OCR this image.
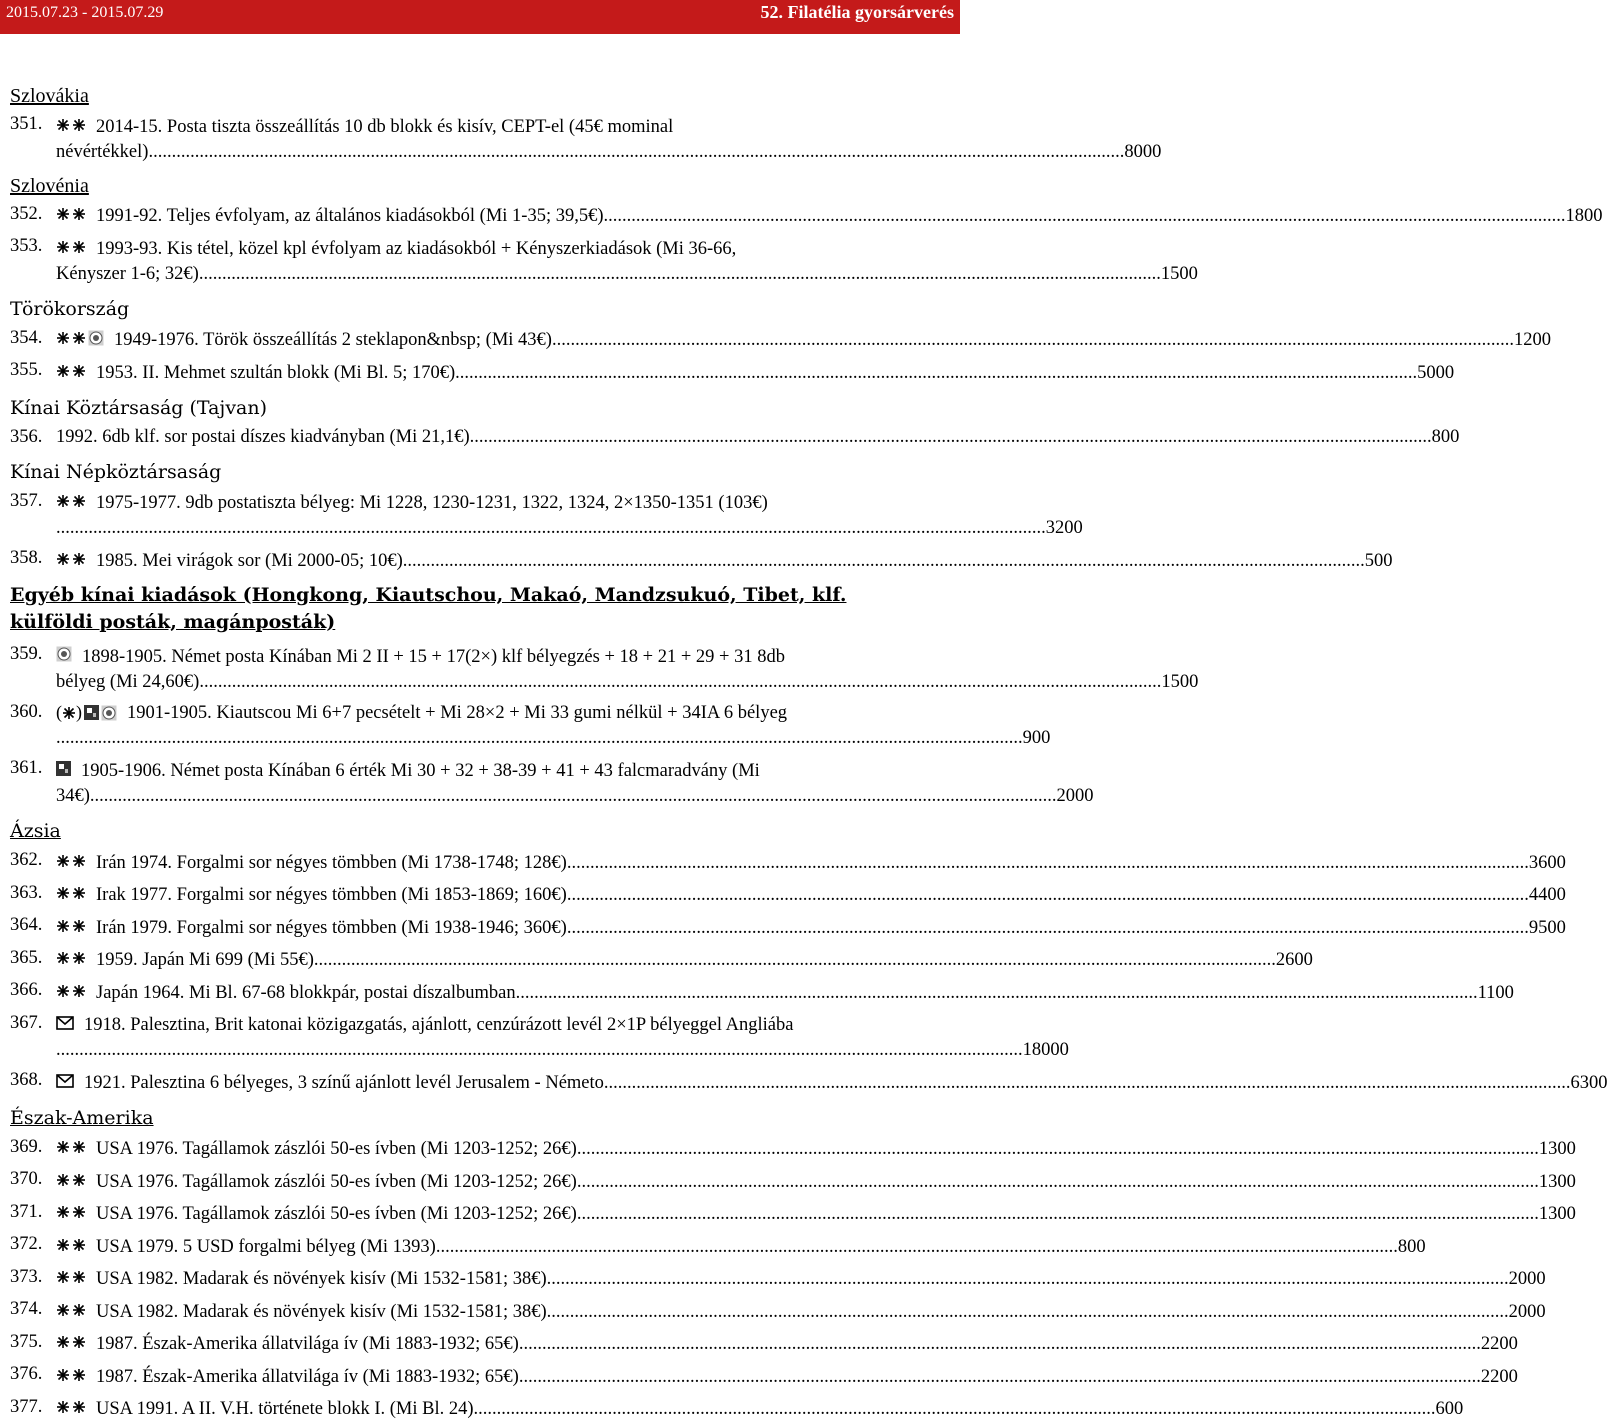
2015.07.23 - 2015.07.29	52. Filatélia gyorsárverés
Szlovákia
351.	2014-15. Posta tiszta összeállítás 10 db blokk és kisív, CEPT-el (45€ mominal
névértékkel)... .....	8000
Szlovénia
352.	1991-92. Teljes évfolyam, az általános kiadásokból (Mi 1-35; 39,5€) .....	1800
353.	1993-93. Kis tétel, közel kpl évfolyam az kiadásokból + Kényszerkiadások (Mi 36-66,
Kényszer 1-6; 32€) .....	1500
Törökország
354.	1949-1976. Török összeállítás 2 steklapon&nbsp; (Mi 43€) .....	1200
355.	1953. II. Mehmet szultán blokk (Mi Bl. 5; 170€) .....	5000
Kínai Köztársaság (Tajvan)
356. 1992. 6db klf. sor postai díszes kiadványban (Mi 21,1€) .....	800
Kínai Népköztársaság
357.	1975-1977. 9db postatiszta bélyeg: Mi 1228, 1230-1231, 1322, 1324, 2×1350-1351 (103€)
...... .....	3200
358.	1985. Mei virágok sor (Mi 2000-05; 10€) .....	500
Egyéb kínai kiadások (Hongkong, Kiautschou, Makaó, Mandzsukuó, Tibet, klf. külföldi posták, magánposták)
359.	1898-1905. Német posta Kínában Mi 2 II + 15 + 17(2×) klf bélyegzés + 18 + 21 + 29 + 31 8db
bélyeg (Mi 24,60€) .....	1500
360. ( ) 1901-1905. Kiautscou Mi 6+7 pecsételt + Mi 28×2 + Mi 33 gumi nélkül + 34IA 6 bélyeg
. .....	900
361.	1905-1906. Német posta Kínában 6 érték Mi 30 + 32 + 38-39 + 41 + 43 falcmaradvány (Mi
34€). .....	2000
Ázsia
362.	Irán 1974. Forgalmi sor négyes tömbben (Mi 1738-1748; 128€) .....	3600
363.	Irak 1977. Forgalmi sor négyes tömbben (Mi 1853-1869; 160€) .....	4400
364.	Irán 1979. Forgalmi sor négyes tömbben (Mi 1938-1946; 360€) .....	9500
365.	1959. Japán Mi 699 (Mi 55€) .....	2600
366.	Japán 1964. Mi Bl. 67-68 blokkpár, postai díszalbumban .....	1100
367.	1918. Palesztina, Brit katonai közigazgatás, ajánlott, cenzúrázott levél 2×1P bélyeggel Angliába
. .....	18000
368.	1921. Palesztina 6 bélyeges, 3 színű ajánlott levél Jerusalem - Németo. .....	6300
Észak-Amerika
369.	USA 1976. Tagállamok zászlói 50-es ívben (Mi 1203-1252; 26€) .....	1300
370.	USA 1976. Tagállamok zászlói 50-es ívben (Mi 1203-1252; 26€) .....	1300
371.	USA 1976. Tagállamok zászlói 50-es ívben (Mi 1203-1252; 26€) .....	1300
372.	USA 1979. 5 USD forgalmi bélyeg (Mi 1393) .....	800
373.	USA 1982. Madarak és növények kisív (Mi 1532-1581; 38€) .....	2000
374.	USA 1982. Madarak és növények kisív (Mi 1532-1581; 38€) .....	2000
375.	1987. Észak-Amerika állatvilága ív (Mi 1883-1932; 65€) .....	2200
376.	1987. Észak-Amerika állatvilága ív (Mi 1883-1932; 65€) .....	2200
377.	USA 1991. A II. V.H. története blokk I. (Mi Bl. 24) .....	600
